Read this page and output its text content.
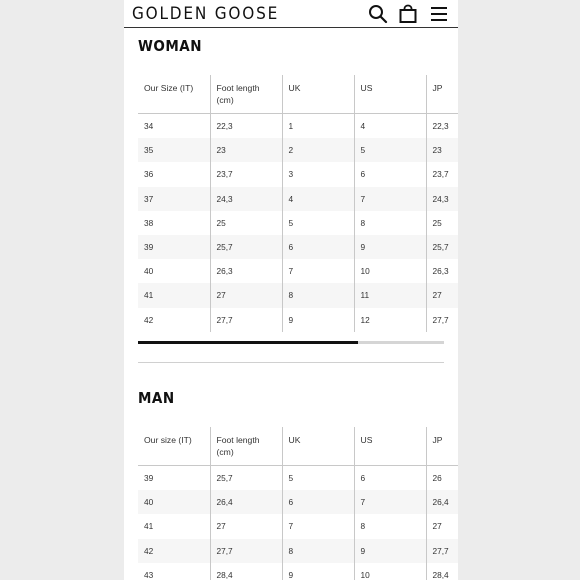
GOLDEN GOOSE
WOMAN
Our Size (IT)	Foot length (cm)	UK	US	JP
34	22,3	1	4	22,3
35	23	2	5	23
36	23,7	3	6	23,7
37	24,3	4	7	24,3
38	25	5	8	25
39	25,7	6	9	25,7
40	26,3	7	10	26,3
41	27	8	11	27
42	27,7	9	12	27,7
MAN
Our size (IT)	Foot length (cm)	UK	US	JP
39	25,7	5	6	26
40	26,4	6	7	26,4
41	27	7	8	27
42	27,7	8	9	27,7
43	28,4	9	10	28,4
